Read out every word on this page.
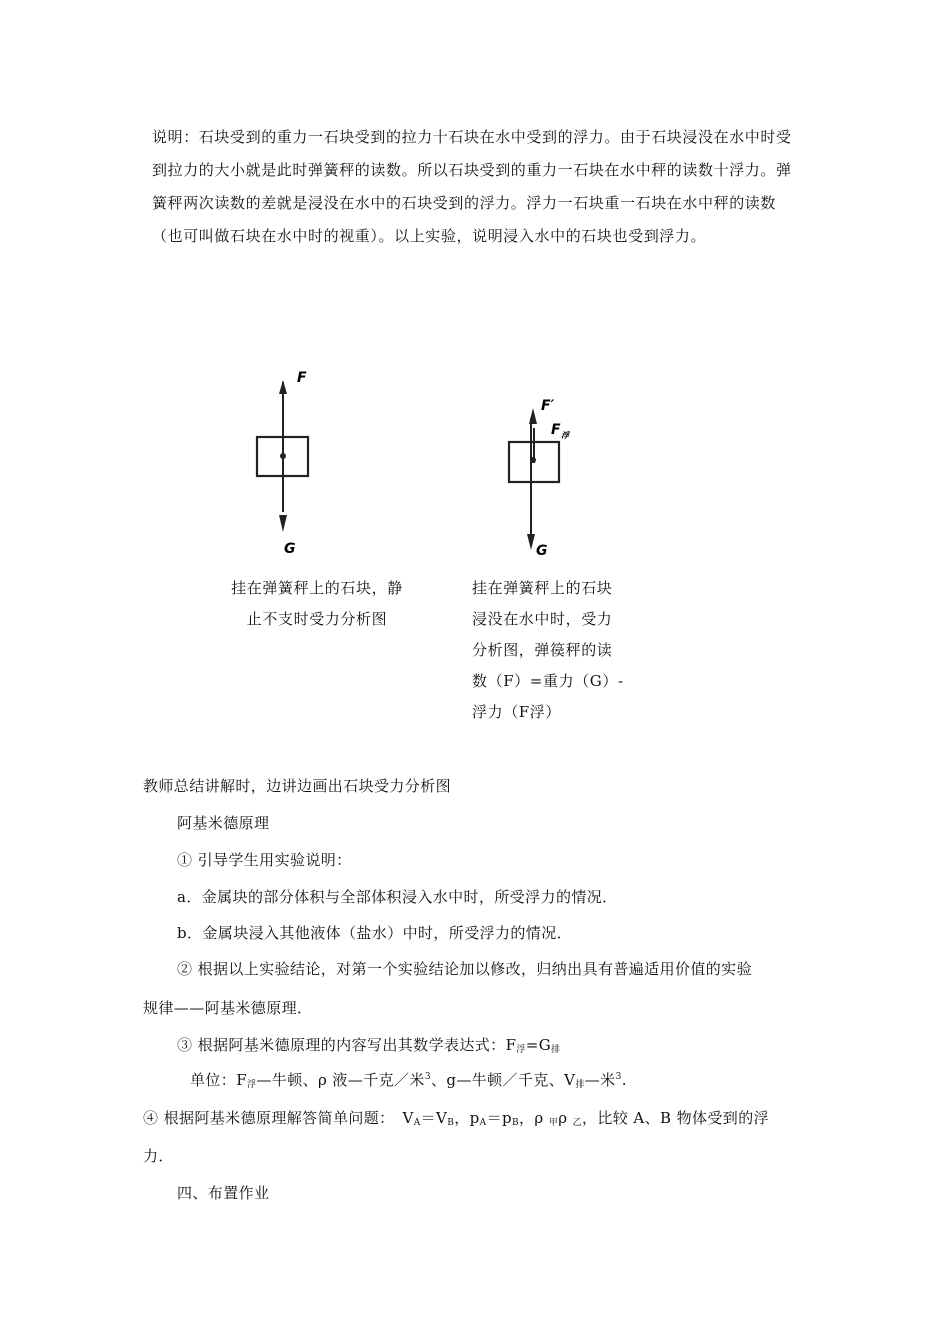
说明：石块受到的重力一石块受到的拉力十石块在水中受到的浮力。由于石块浸没在水中时受到拉力的大小就是此时弹簧秤的读数。所以石块受到的重力一石块在水中秤的读数十浮力。弹簧秤两次读数的差就是浸没在水中的石块受到的浮力。浮力一石块重一石块在水中秤的读数（也可叫做石块在水中时的视重）。以上实验，说明浸入水中的石块也受到浮力。
F
G
挂在弹簧秤上的石块，静
止不支时受力分析图
F′
F 浮
G
挂在弹簧秤上的石块
浸没在水中时，受力
分析图，弹篌秤的读
数（F）=重力（G）-
浮力（F浮）
教师总结讲解时，边讲边画出石块受力分析图
阿基米德原理
① 引导学生用实验说明：
a．金属块的部分体积与全部体积浸入水中时，所受浮力的情况．
b．金属块浸入其他液体（盐水）中时，所受浮力的情况．
② 根据以上实验结论，对第一个实验结论加以修改，归纳出具有普遍适用价值的实验
规律——阿基米德原理．
③ 根据阿基米德原理的内容写出其数学表达式：$F_浮=G_排$
单位：$F_浮—$牛顿、ρ 液—千克／米$^3$、g—牛顿／千克、$V_排—$米$^3$.
④ 根据阿基米德原理解答简单问题：　$V_A=V_B$，$p_A=p_B$，ρ $_甲$ρ $_乙$，比较 A、B 物体受到的浮
力．
四、布置作业
